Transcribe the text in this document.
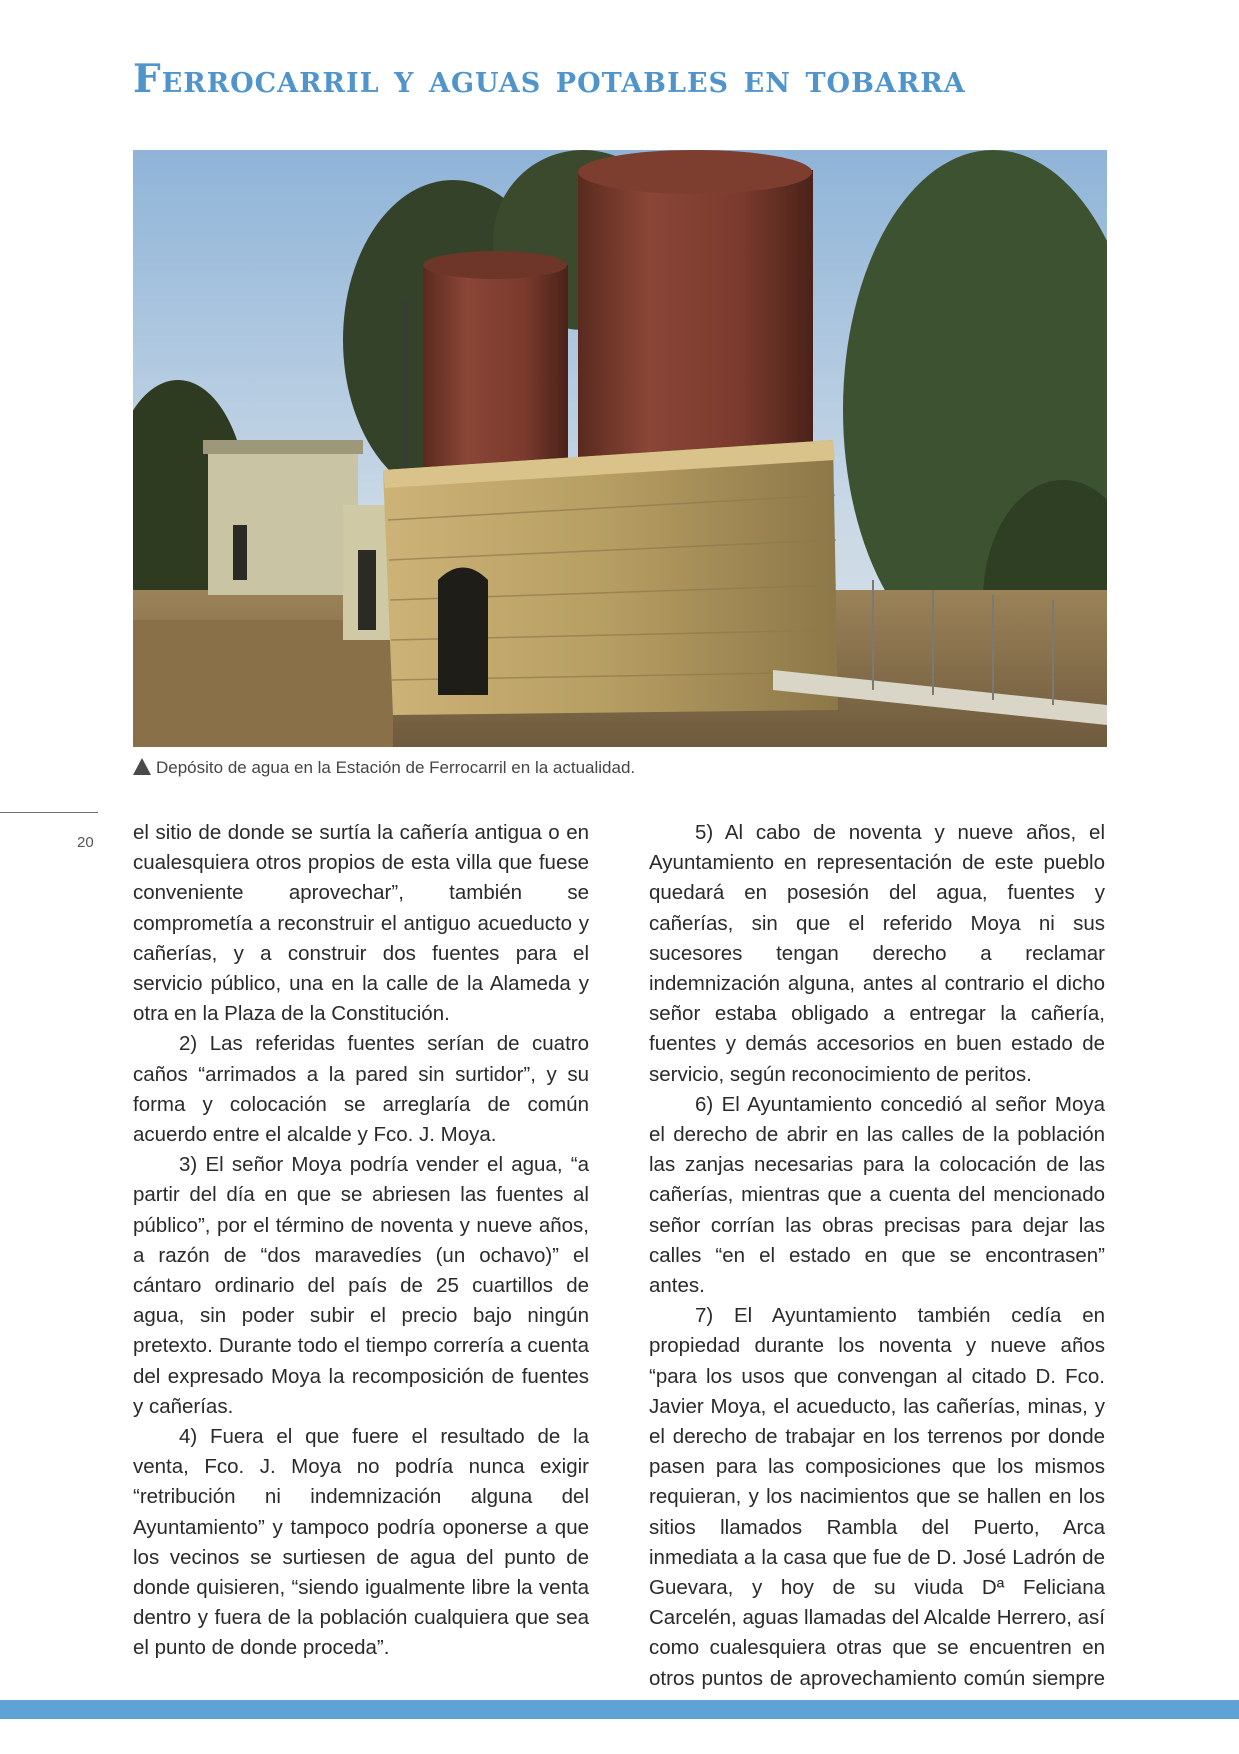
Ferrocarril y aguas potables en tobarra
Depósito de agua en la Estación de Ferrocarril en la actualidad.
20 el sitio de donde se surtía la cañería antigua o en cualesquiera otros propios de esta villa que fuese conveniente aprovechar”, también se comprometía a reconstruir el antiguo acueducto y cañerías, y a construir dos fuentes para el servicio público, una en la calle de la Alameda y otra en la Plaza de la Constitución.

2) Las referidas fuentes serían de cuatro caños “arrimados a la pared sin surtidor”, y su forma y colocación se arreglaría de común acuerdo entre el alcalde y Fco. J. Moya.

3) El señor Moya podría vender el agua, “a partir del día en que se abriesen las fuentes al público”, por el término de noventa y nueve años, a razón de “dos maravedíes (un ochavo)” el cántaro ordinario del país de 25 cuartillos de agua, sin poder subir el precio bajo ningún pretexto. Durante todo el tiempo correría a cuenta del expresado Moya la recomposición de fuentes y cañerías.

4) Fuera el que fuere el resultado de la venta, Fco. J. Moya no podría nunca exigir “retribución ni indemnización alguna del Ayuntamiento” y tampoco podría oponerse a que los vecinos se surtiesen de agua del punto de donde quisieren, “siendo igualmente libre la venta dentro y fuera de la población cualquiera que sea el punto de donde proceda”.

5) Al cabo de noventa y nueve años, el Ayuntamiento en representación de este pueblo quedará en posesión del agua, fuentes y cañerías, sin que el referido Moya ni sus sucesores tengan derecho a reclamar indemnización alguna, antes al contrario el dicho señor estaba obligado a entregar la cañería, fuentes y demás accesorios en buen estado de servicio, según reconocimiento de peritos.

6) El Ayuntamiento concedió al señor Moya el derecho de abrir en las calles de la población las zanjas necesarias para la colocación de las cañerías, mientras que a cuenta del mencionado señor corrían las obras precisas para dejar las calles “en el estado en que se encontrasen” antes.

7) El Ayuntamiento también cedía en propiedad durante los noventa y nueve años “para los usos que convengan al citado D. Fco. Javier Moya, el acueducto, las cañerías, minas, y el derecho de trabajar en los terrenos por donde pasen para las composiciones que los mismos requieran, y los nacimientos que se hallen en los sitios llamados Rambla del Puerto, Arca inmediata a la casa que fue de D. José Ladrón de Guevara, y hoy de su viuda Dª Feliciana Carcelén, aguas llamadas del Alcalde Herrero, así como cualesquiera otras que se encuentren en otros puntos de aprovechamiento común siempre
